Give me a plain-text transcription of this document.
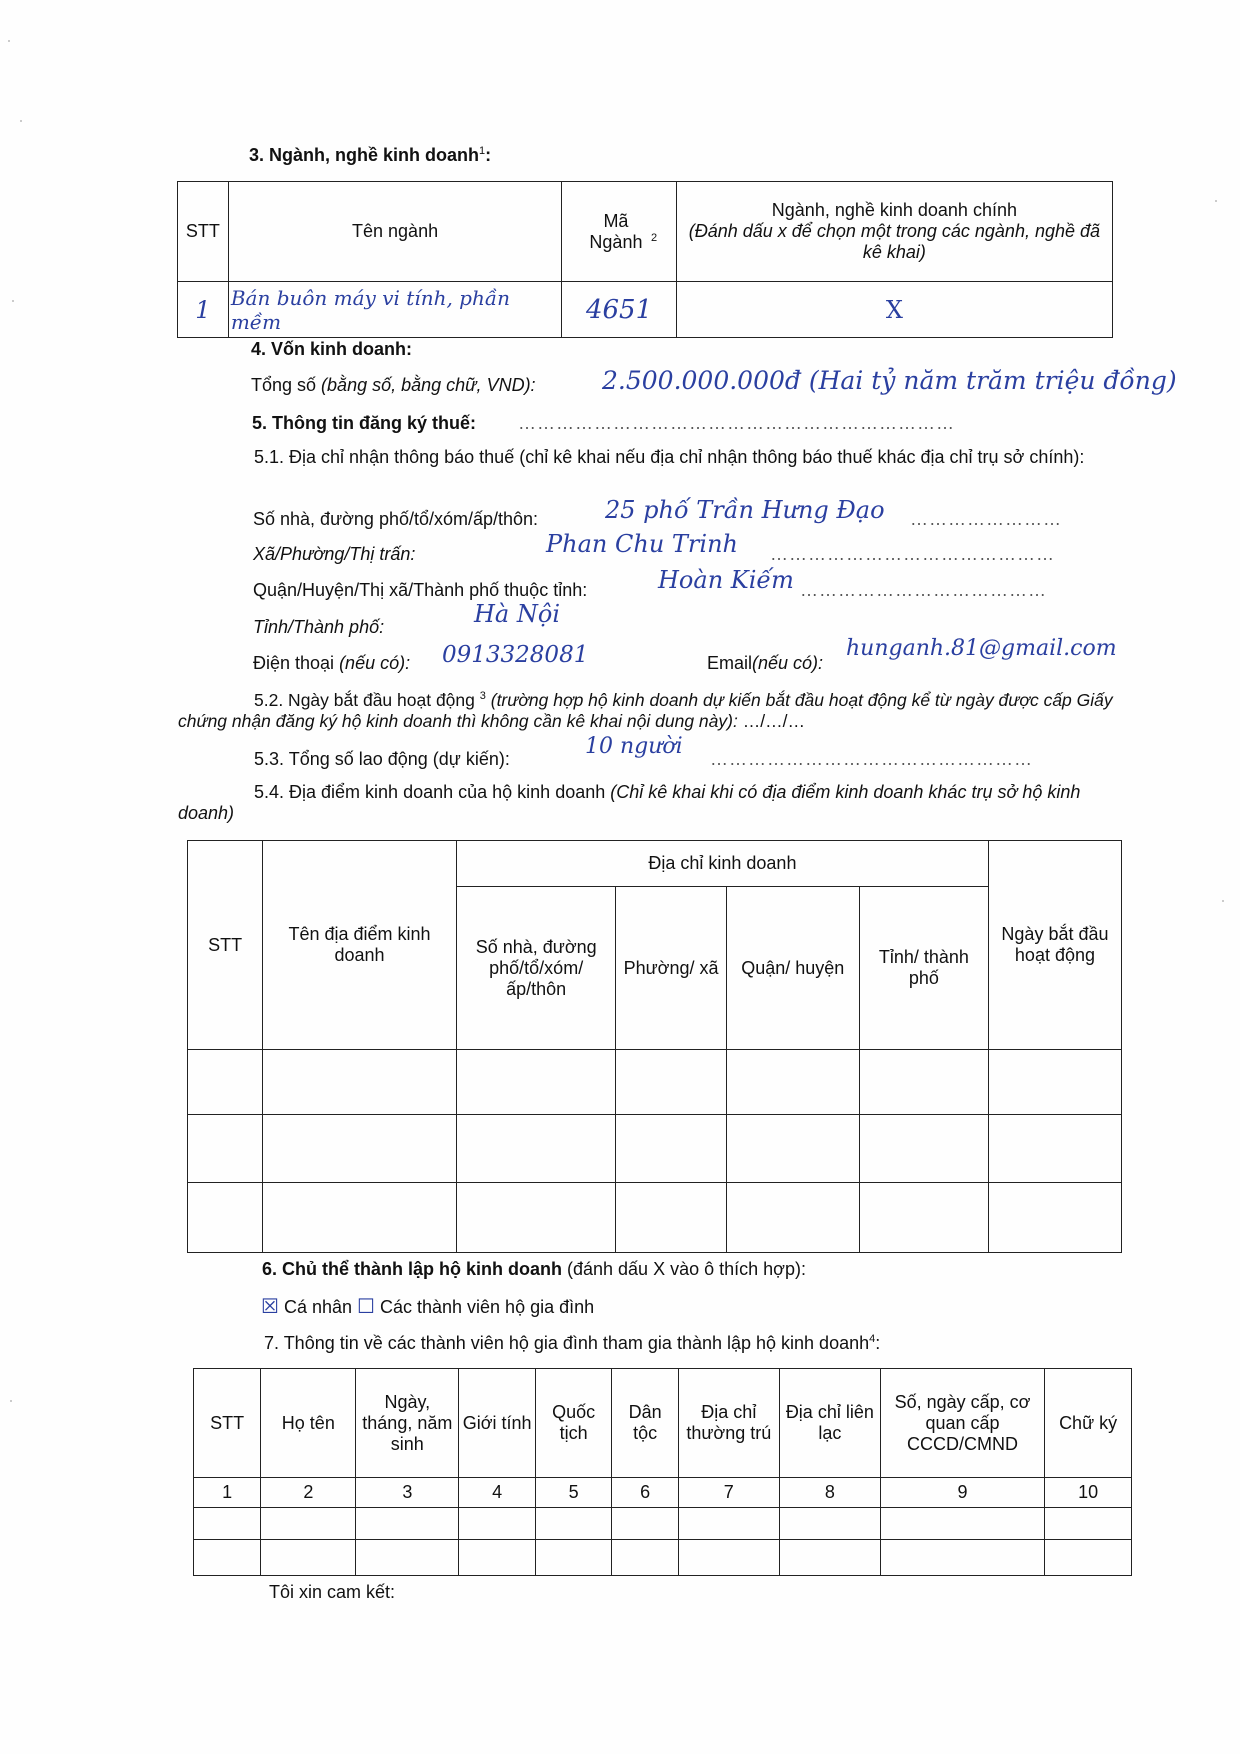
3. Ngành, nghề kinh doanh$^1$:
STT	Tên ngành	Mã Ngành $^2$	Ngành, nghề kinh doanh chính
(Đánh dấu x để chọn một trong các ngành, nghề đã kê khai)

1	Bán buôn máy vi tính, phần mềm	4651	X
4. Vốn kinh doanh:
Tổng số (bằng số, bằng chữ, VND):	2.500.000.000đ (Hai tỷ năm trăm triệu đồng)
5. Thông tin đăng ký thuế: ……………………………………………………………
5.1. Địa chỉ nhận thông báo thuế (chỉ kê khai nếu địa chỉ nhận thông báo thuế khác địa chỉ trụ sở chính):
Số nhà, đường phố/tổ/xóm/ấp/thôn:	25 phố Trần Hưng Đạo ……………………
Xã/Phường/Thị trấn:	Phan Chu Trinh ………………………………………
Quận/Huyện/Thị xã/Thành phố thuộc tỉnh:	Hoàn Kiếm …………………………………
Tỉnh/Thành phố:	Hà Nội
Điện thoại (nếu có): 0913328081	Email(nếu có):
hunganh.81@gmail.com
5.2. Ngày bắt đầu hoạt động $^3$ (trường hợp hộ kinh doanh dự kiến bắt đầu hoạt động kể từ ngày được cấp Giấy chứng nhận đăng ký hộ kinh doanh thì không cần kê khai nội dung này): …/…/…
5.3. Tổng số lao động (dự kiến):	10 người ……………………………………………
5.4. Địa điểm kinh doanh của hộ kinh doanh (Chỉ kê khai khi có địa điểm kinh doanh khác trụ sở hộ kinh doanh)
STT	Tên địa điểm kinh doanh	Địa chỉ kinh doanh				Ngày bắt đầu hoạt động
		Số nhà, đường phố/tổ/xóm/ ấp/thôn	Phường/ xã	Quận/ huyện	Tỉnh/ thành phố	

6. Chủ thể thành lập hộ kinh doanh (đánh dấu X vào ô thích hợp):
☒ Cá nhân ☐ Các thành viên hộ gia đình
7. Thông tin về các thành viên hộ gia đình tham gia thành lập hộ kinh doanh$^4$:
STT	Họ tên	Ngày, tháng, năm sinh	Giới tính	Quốc tịch	Dân tộc	Địa chỉ thường trú	Địa chỉ liên lạc	Số, ngày cấp, cơ quan cấp CCCD/CMND	Chữ ký
1	2	3	4	5	6	7	8	9	10

Tôi xin cam kết:
